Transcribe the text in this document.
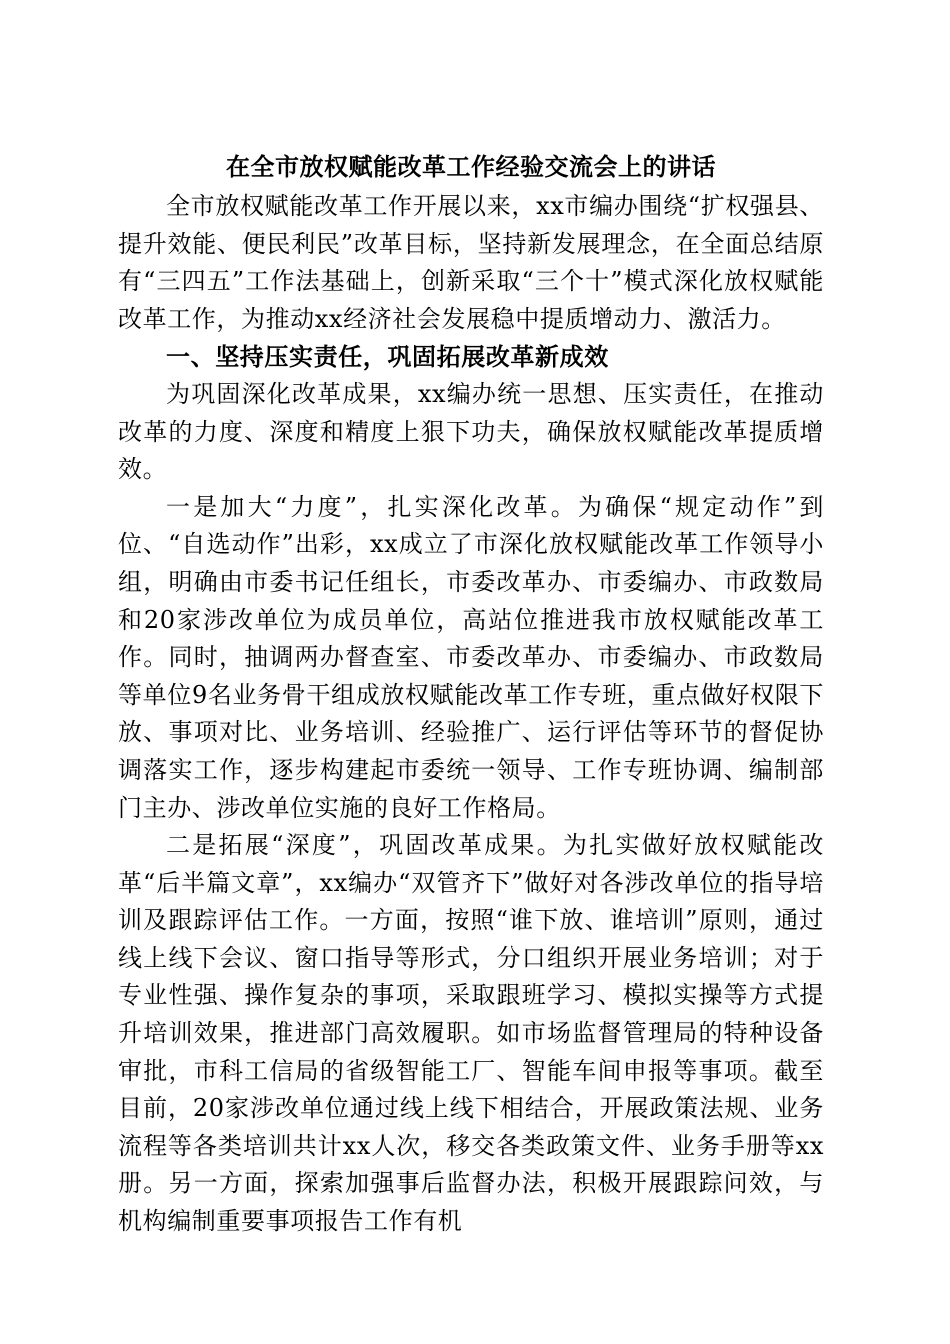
在全市放权赋能改革工作经验交流会上的讲话

全市放权赋能改革工作开展以来，xx市编办围绕“扩权强县、提升效能、便民利民”改革目标，坚持新发展理念，在全面总结原有“三四五”工作法基础上，创新采取“三个十”模式深化放权赋能改革工作，为推动xx经济社会发展稳中提质增动力、激活力。

一、坚持压实责任，巩固拓展改革新成效

为巩固深化改革成果，xx编办统一思想、压实责任，在推动改革的力度、深度和精度上狠下功夫，确保放权赋能改革提质增效。

一是加大“力度”，扎实深化改革。为确保“规定动作”到位、“自选动作”出彩，xx成立了市深化放权赋能改革工作领导小组，明确由市委书记任组长，市委改革办、市委编办、市政数局和20家涉改单位为成员单位，高站位推进我市放权赋能改革工作。同时，抽调两办督查室、市委改革办、市委编办、市政数局等单位9名业务骨干组成放权赋能改革工作专班，重点做好权限下放、事项对比、业务培训、经验推广、运行评估等环节的督促协调落实工作，逐步构建起市委统一领导、工作专班协调、编制部门主办、涉改单位实施的良好工作格局。

二是拓展“深度”，巩固改革成果。为扎实做好放权赋能改革“后半篇文章”，xx编办“双管齐下”做好对各涉改单位的指导培训及跟踪评估工作。一方面，按照“谁下放、谁培训”原则，通过线上线下会议、窗口指导等形式，分口组织开展业务培训；对于专业性强、操作复杂的事项，采取跟班学习、模拟实操等方式提升培训效果，推进部门高效履职。如市场监督管理局的特种设备审批，市科工信局的省级智能工厂、智能车间申报等事项。截至目前，20家涉改单位通过线上线下相结合，开展政策法规、业务流程等各类培训共计xx人次，移交各类政策文件、业务手册等xx册。另一方面，探索加强事后监督办法，积极开展跟踪问效，与机构编制重要事项报告工作有机
